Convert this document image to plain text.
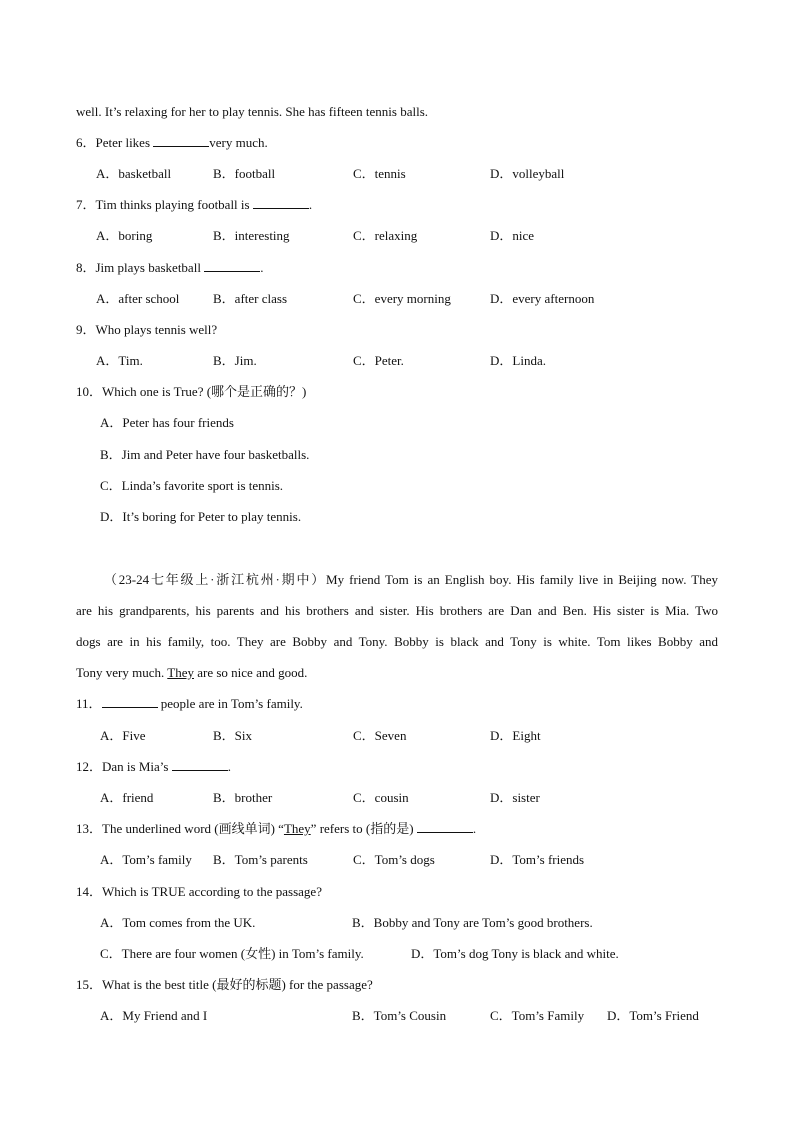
well. It’s relaxing for her to play tennis. She has fifteen tennis balls.
6．Peter likes	very much.
A．basketball	B．football	C．tennis	D．volleyball
7．Tim thinks playing football is	.
A．boring	B．interesting	C．relaxing	D．nice
8．Jim plays basketball	.
A．after school	B．after class	C．every morning	D．every afternoon
9．Who plays tennis well?
A．Tim.	B．Jim.	C．Peter.	D．Linda.
10．Which one is True? (哪个是正确的？)
A．Peter has four friends
B．Jim and Peter have four basketballs.
C．Linda’s favorite sport is tennis.
D．It’s boring for Peter to play tennis.
（23-24七年级上·浙江杭州·期中）My friend Tom is an English boy. His family live in Beijing now. They
are his grandparents, his parents and his brothers and sister. His brothers are Dan and Ben. His sister is Mia. Two
dogs are in his family, too. They are Bobby and Tony. Bobby is black and Tony is white. Tom likes Bobby and
Tony very much. They are so nice and good.
11．	people are in Tom’s family.
A．Five	B．Six	C．Seven	D．Eight
12．Dan is Mia’s	.
A．friend	B．brother	C．cousin	D．sister
13．The underlined word (画线单词) “They” refers to (指的是)	.
A．Tom’s family B．Tom’s parents	C．Tom’s dogs	D．Tom’s friends
14．Which is TRUE according to the passage?
A．Tom comes from the UK.	B．Bobby and Tony are Tom’s good brothers.
C．There are four women (女性) in Tom’s family.	D．Tom’s dog Tony is black and white.
15．What is the best title (最好的标题) for the passage?
A．My Friend and I	B．Tom’s Cousin	C．Tom’s Family D．Tom’s Friend
